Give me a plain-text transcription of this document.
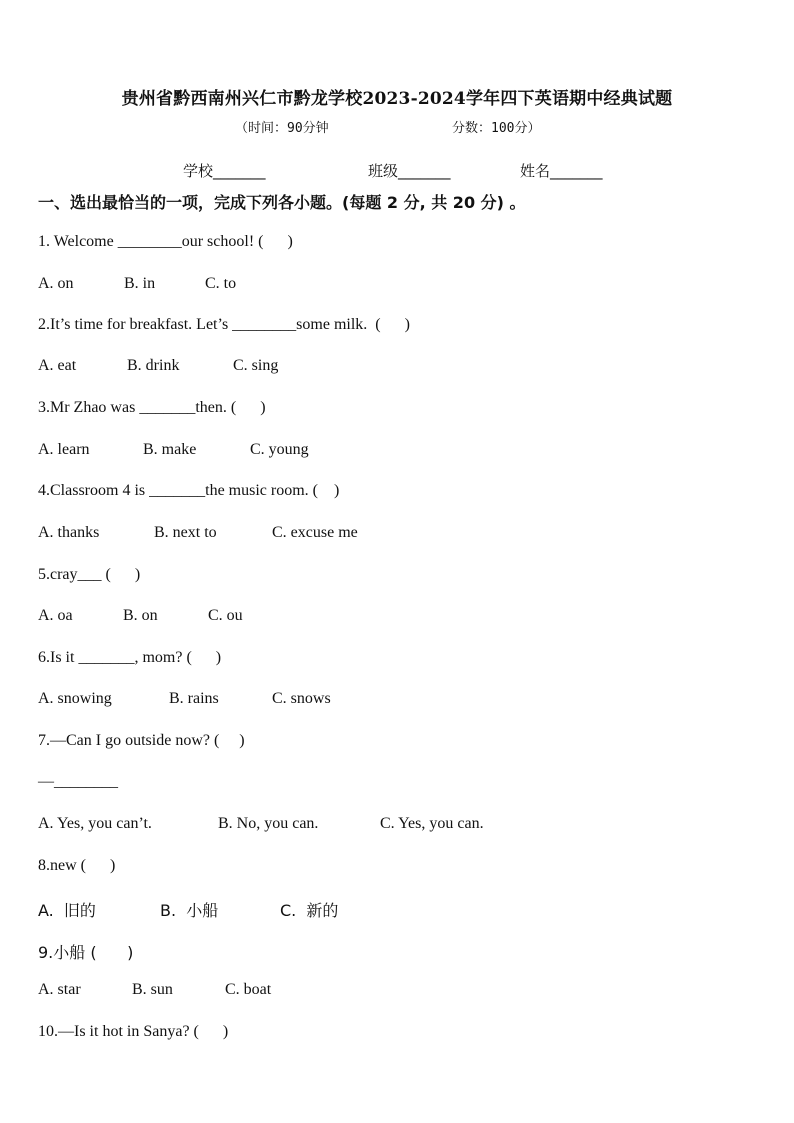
贵州省黔西南州兴仁市黔龙学校2023-2024学年四下英语期中经典试题
（时间：90分钟	分数：100分）
学校_______	班级_______	姓名_______
一、选出最恰当的一项，完成下列各小题。(每题 2 分, 共 20 分) 。
1. Welcome ________our school! (      )
A. on	B. in	C. to
2.It’s time for breakfast. Let’s ________some milk.  (      )
A. eat	B. drink	C. sing
3.Mr Zhao was _______then. (      )
A. learn	B. make	C. young
4.Classroom 4 is _______the music room. (    )
A. thanks	B. next to	C. excuse me
5.cray___ (      )
A. oa	B. on	C. ou
6.Is it _______, mom? (      )
A. snowing	B. rains	C. snows
7.—Can I go outside now? (     )
—________
A. Yes, you can’t.	B. No, you can.	C. Yes, you can.
8.new (      )
A.  旧的	B.  小船	C.  新的
9.小船 (      )
A. star	B. sun	C. boat
10.—Is it hot in Sanya? (      )
